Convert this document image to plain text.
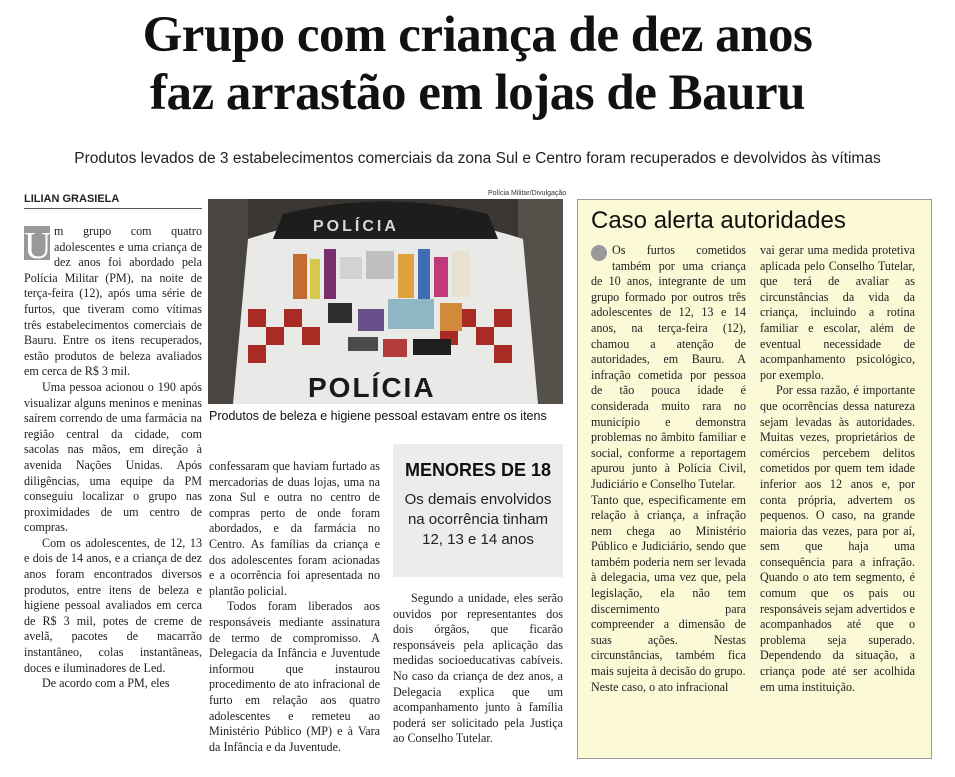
Grupo com criança de dez anos
faz arrastão em lojas de Bauru
Produtos levados de 3 estabelecimentos comerciais da zona Sul e Centro foram recuperados e devolvidos às vítimas
LILIAN GRASIELA

U m grupo com quatro adolescentes e uma criança de dez anos foi abordado pela Polícia Militar (PM), na noite de terça-feira (12), após uma série de furtos, que tiveram como vítimas três estabelecimentos comerciais de Bauru. Entre os itens recuperados, estão produtos de beleza avaliados em cerca de R$ 3 mil.

Uma pessoa acionou o 190 após visualizar alguns meninos e meninas saírem correndo de uma farmácia na região central da cidade, com sacolas nas mãos, em direção à avenida Nações Unidas. Após diligências, uma equipe da PM conseguiu localizar o grupo nas proximidades de um centro de compras.

Com os adolescentes, de 12, 13 e dois de 14 anos, e a criança de dez anos foram encontrados diversos produtos, entre itens de beleza e higiene pessoal avaliados em cerca de R$ 3 mil, potes de creme de avelã, pacotes de macarrão instantâneo, colas instantâneas, doces e iluminadores de Led.

De acordo com a PM, eles

Polícia Militar/Divulgação
POLÍCIA
POLÍCIA
Produtos de beleza e higiene pessoal estavam entre os itens

confessaram que haviam furtado as mercadorias de duas lojas, uma na zona Sul e outra no centro de compras perto de onde foram abordados, e da farmácia no Centro. As famílias da criança e dos adolescentes foram acionadas e a ocorrência foi apresentada no plantão policial.

Todos foram liberados aos responsáveis mediante assinatura de termo de compromisso. A Delegacia da Infância e Juventude informou que instaurou procedimento de ato infracional de furto em relação aos quatro adolescentes e remeteu ao Ministério Público (MP) e à Vara da Infância e da Juventude.

MENORES DE 18
Os demais envolvidos na ocorrência tinham 12, 13 e 14 anos

Segundo a unidade, eles serão ouvidos por representantes dos dois órgãos, que ficarão responsáveis pela aplicação das medidas socioeducativas cabíveis. No caso da criança de dez anos, a Delegacia explica que um acompanhamento junto à família poderá ser solicitado pela Justiça ao Conselho Tutelar.

Caso alerta autoridades

Os furtos cometidos também por uma criança de 10 anos, integrante de um grupo formado por outros três adolescentes de 12, 13 e 14 anos, na terça-feira (12), chamou a atenção de autoridades, em Bauru. A infração cometida por pessoa de tão pouca idade é considerada muito rara no município e demonstra problemas no âmbito familiar e social, conforme a reportagem apurou junto à Polícia Civil, Judiciário e Conselho Tutelar.

Tanto que, especificamente em relação à criança, a infração nem chega ao Ministério Público e Judiciário, sendo que também poderia nem ser levada à delegacia, uma vez que, pela legislação, ela não tem discernimento para compreender a dimensão de suas ações. Nestas circunstâncias, também fica mais sujeita à decisão do grupo.

Neste caso, o ato infracional

vai gerar uma medida protetiva aplicada pelo Conselho Tutelar, que terá de avaliar as circunstâncias da vida da criança, incluindo a rotina familiar e escolar, além de eventual necessidade de acompanhamento psicológico, por exemplo.

Por essa razão, é importante que ocorrências dessa natureza sejam levadas às autoridades. Muitas vezes, proprietários de comércios percebem delitos cometidos por quem tem idade inferior aos 12 anos e, por conta própria, advertem os pequenos. O caso, na grande maioria das vezes, para por aí, sem que haja uma consequência para a infração. Quando o ato tem segmento, é comum que os pais ou responsáveis sejam advertidos e acompanhados até que o problema seja superado. Dependendo da situação, a criança pode até ser acolhida em uma instituição.
